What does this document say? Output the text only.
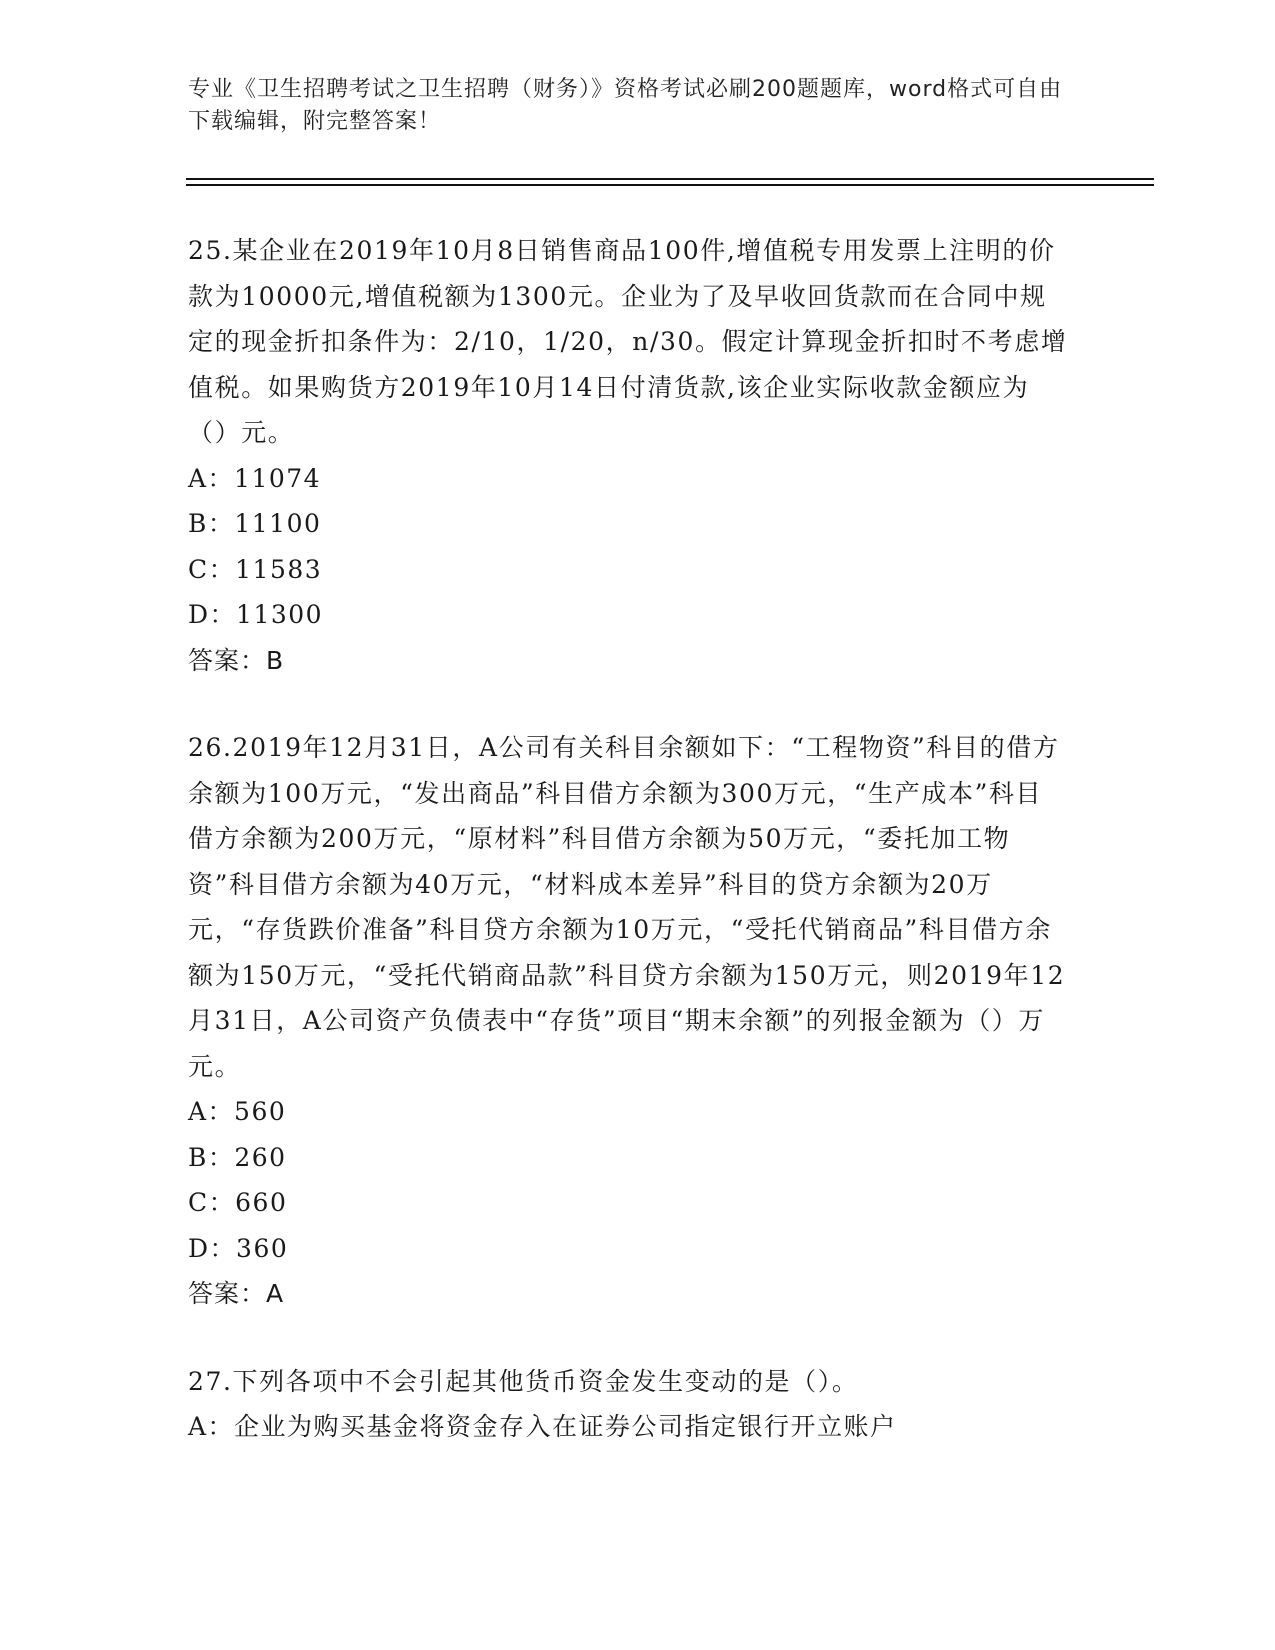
专业《卫生招聘考试之卫生招聘（财务）》资格考试必刷200题题库，word格式可自由下载编辑，附完整答案！

25.某企业在2019年10月8日销售商品100件,增值税专用发票上注明的价款为10000元,增值税额为1300元。企业为了及早收回货款而在合同中规定的现金折扣条件为：2/10，1/20，n/30。假定计算现金折扣时不考虑增值税。如果购货方2019年10月14日付清货款,该企业实际收款金额应为（）元。

A：11074

B：11100

C：11583

D：11300

答案：B

26.2019年12月31日，A公司有关科目余额如下：“工程物资”科目的借方余额为100万元，“发出商品”科目借方余额为300万元，“生产成本”科目借方余额为200万元，“原材料”科目借方余额为50万元，“委托加工物资”科目借方余额为40万元，“材料成本差异”科目的贷方余额为20万元，“存货跌价准备”科目贷方余额为10万元，“受托代销商品”科目借方余额为150万元，“受托代销商品款”科目贷方余额为150万元，则2019年12月31日，A公司资产负债表中“存货”项目“期末余额”的列报金额为（）万元。

A：560

B：260

C：660

D：360

答案：A

27.下列各项中不会引起其他货币资金发生变动的是（）。

A：企业为购买基金将资金存入在证券公司指定银行开立账户
